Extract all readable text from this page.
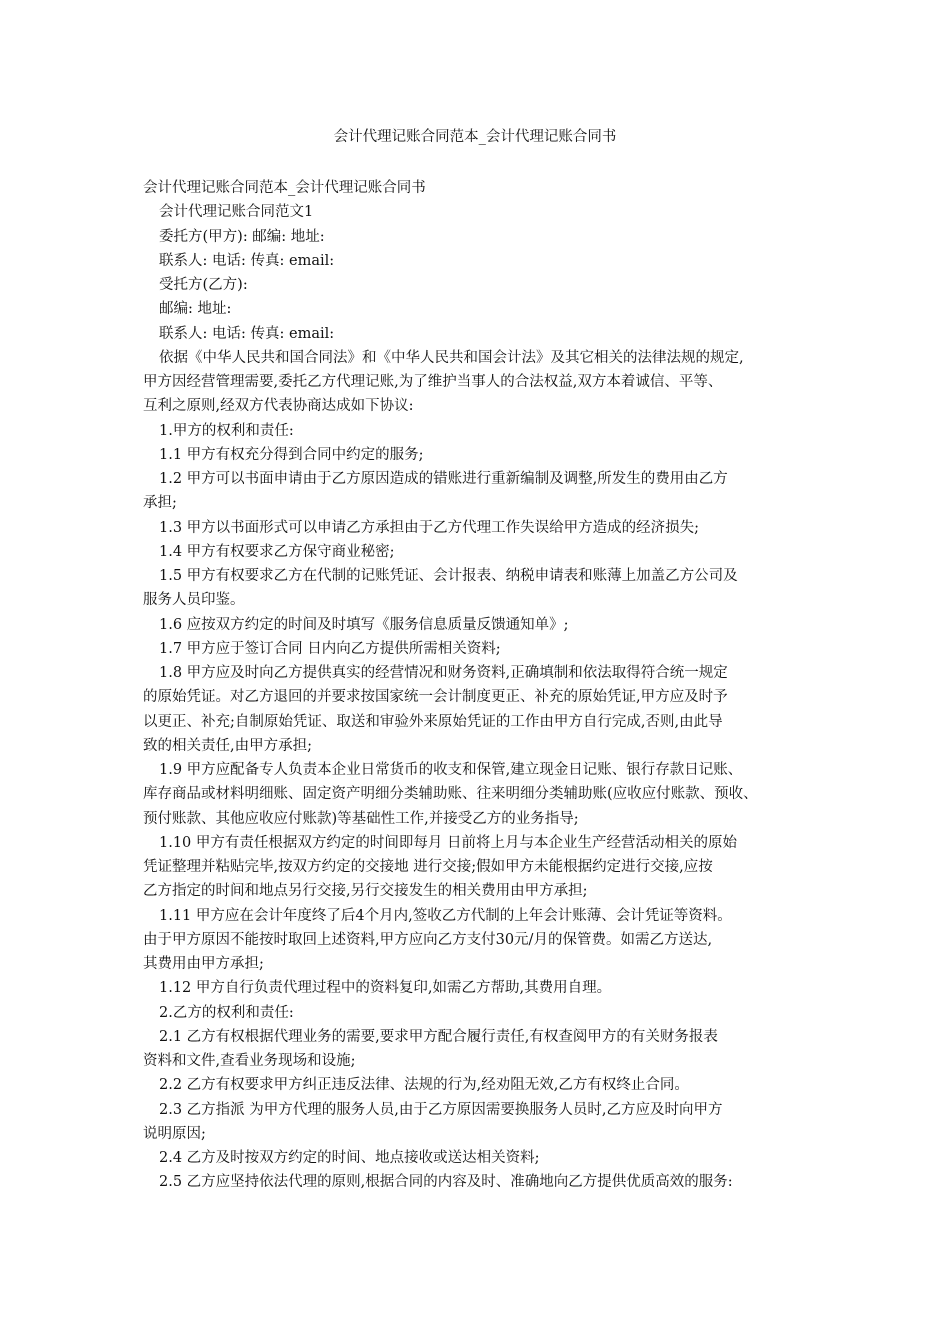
会计代理记账合同范本_会计代理记账合同书
会计代理记账合同范本_会计代理记账合同书
会计代理记账合同范文1
委托方(甲方): 邮编: 地址:
联系人: 电话: 传真: email:
受托方(乙方):
邮编: 地址:
联系人: 电话: 传真: email:
依据《中华人民共和国合同法》和《中华人民共和国会计法》及其它相关的法律法规的规定,
甲方因经营管理需要,委托乙方代理记账,为了维护当事人的合法权益,双方本着诚信、平等、
互利之原则,经双方代表协商达成如下协议:
1.甲方的权利和责任:
1.1 甲方有权充分得到合同中约定的服务;
1.2 甲方可以书面申请由于乙方原因造成的错账进行重新编制及调整,所发生的费用由乙方
承担;
1.3 甲方以书面形式可以申请乙方承担由于乙方代理工作失误给甲方造成的经济损失;
1.4 甲方有权要求乙方保守商业秘密;
1.5 甲方有权要求乙方在代制的记账凭证、会计报表、纳税申请表和账薄上加盖乙方公司及
服务人员印鉴。
1.6 应按双方约定的时间及时填写《服务信息质量反馈通知单》;
1.7 甲方应于签订合同 日内向乙方提供所需相关资料;
1.8 甲方应及时向乙方提供真实的经营情况和财务资料,正确填制和依法取得符合统一规定
的原始凭证。对乙方退回的并要求按国家统一会计制度更正、补充的原始凭证,甲方应及时予
以更正、补充;自制原始凭证、取送和审验外来原始凭证的工作由甲方自行完成,否则,由此导
致的相关责任,由甲方承担;
1.9 甲方应配备专人负责本企业日常货币的收支和保管,建立现金日记账、银行存款日记账、
库存商品或材料明细账、固定资产明细分类辅助账、往来明细分类辅助账(应收应付账款、预收、
预付账款、其他应收应付账款)等基础性工作,并接受乙方的业务指导;
1.10 甲方有责任根据双方约定的时间即每月 日前将上月与本企业生产经营活动相关的原始
凭证整理并粘贴完毕,按双方约定的交接地 进行交接;假如甲方未能根据约定进行交接,应按
乙方指定的时间和地点另行交接,另行交接发生的相关费用由甲方承担;
1.11 甲方应在会计年度终了后4个月内,签收乙方代制的上年会计账薄、会计凭证等资料。
由于甲方原因不能按时取回上述资料,甲方应向乙方支付30元/月的保管费。如需乙方送达,
其费用由甲方承担;
1.12 甲方自行负责代理过程中的资料复印,如需乙方帮助,其费用自理。
2.乙方的权利和责任:
2.1 乙方有权根据代理业务的需要,要求甲方配合履行责任,有权查阅甲方的有关财务报表
资料和文件,查看业务现场和设施;
2.2 乙方有权要求甲方纠正违反法律、法规的行为,经劝阻无效,乙方有权终止合同。
2.3 乙方指派 为甲方代理的服务人员,由于乙方原因需要换服务人员时,乙方应及时向甲方
说明原因;
2.4 乙方及时按双方约定的时间、地点接收或送达相关资料;
2.5 乙方应坚持依法代理的原则,根据合同的内容及时、准确地向乙方提供优质高效的服务:
